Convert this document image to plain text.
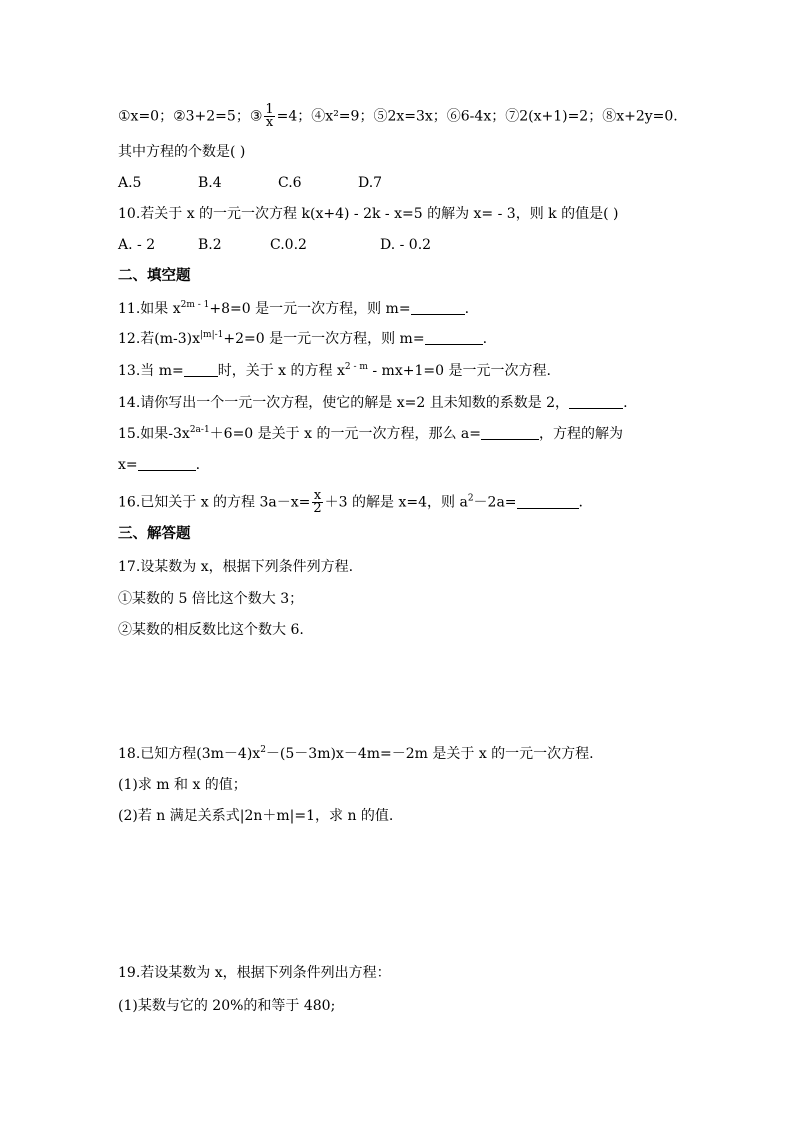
①x=0；②3+2=5；③ $\frac{1}{x} =4$；④x²=9；⑤2x=3x；⑥6-4x；⑦2(x+1)=2；⑧x+2y=0.
其中方程的个数是( )
A.5	B.4	C.6	D.7
10.若关于 x 的一元一次方程 k(x+4) - 2k - x=5 的解为 x= - 3，则 k 的值是( )
A. - 2	B.2	C.0.2	D. - 0.2
二、填空题
11.如果 $x^{2m - 1}+8=0$ 是一元一次方程，则 m=	.
12.若$(m-3)x^{|m|-1}+2=0$ 是一元一次方程，则 m=	.
13.当 m= 时，关于 x 的方程 $x^{2 - m} - mx+1=0$ 是一元一次方程.
14.请你写出一个一元一次方程，使它的解是 x=2 且未知数的系数是 2，	.
15.如果$-3x^{2a-1}+6=0$ 是关于 x 的一元一次方程，那么 a=	，方程的解为
x=	.
16.已知关于 x 的方程 $3a-x= \frac{x}{2} +3$ 的解是 x=4，则 $a^2-2a=$	.
三、解答题
17.设某数为 x，根据下列条件列方程.
①某数的 5 倍比这个数大 3；
②某数的相反数比这个数大 6.
18.已知方程$(3m-4)x^2-(5-3m)x-4m=-2m$ 是关于 x 的一元一次方程.
(1)求 m 和 x 的值；
(2)若 n 满足关系式|2n＋m|=1，求 n 的值.
19.若设某数为 x，根据下列条件列出方程：
(1)某数与它的 20%的和等于 480;
